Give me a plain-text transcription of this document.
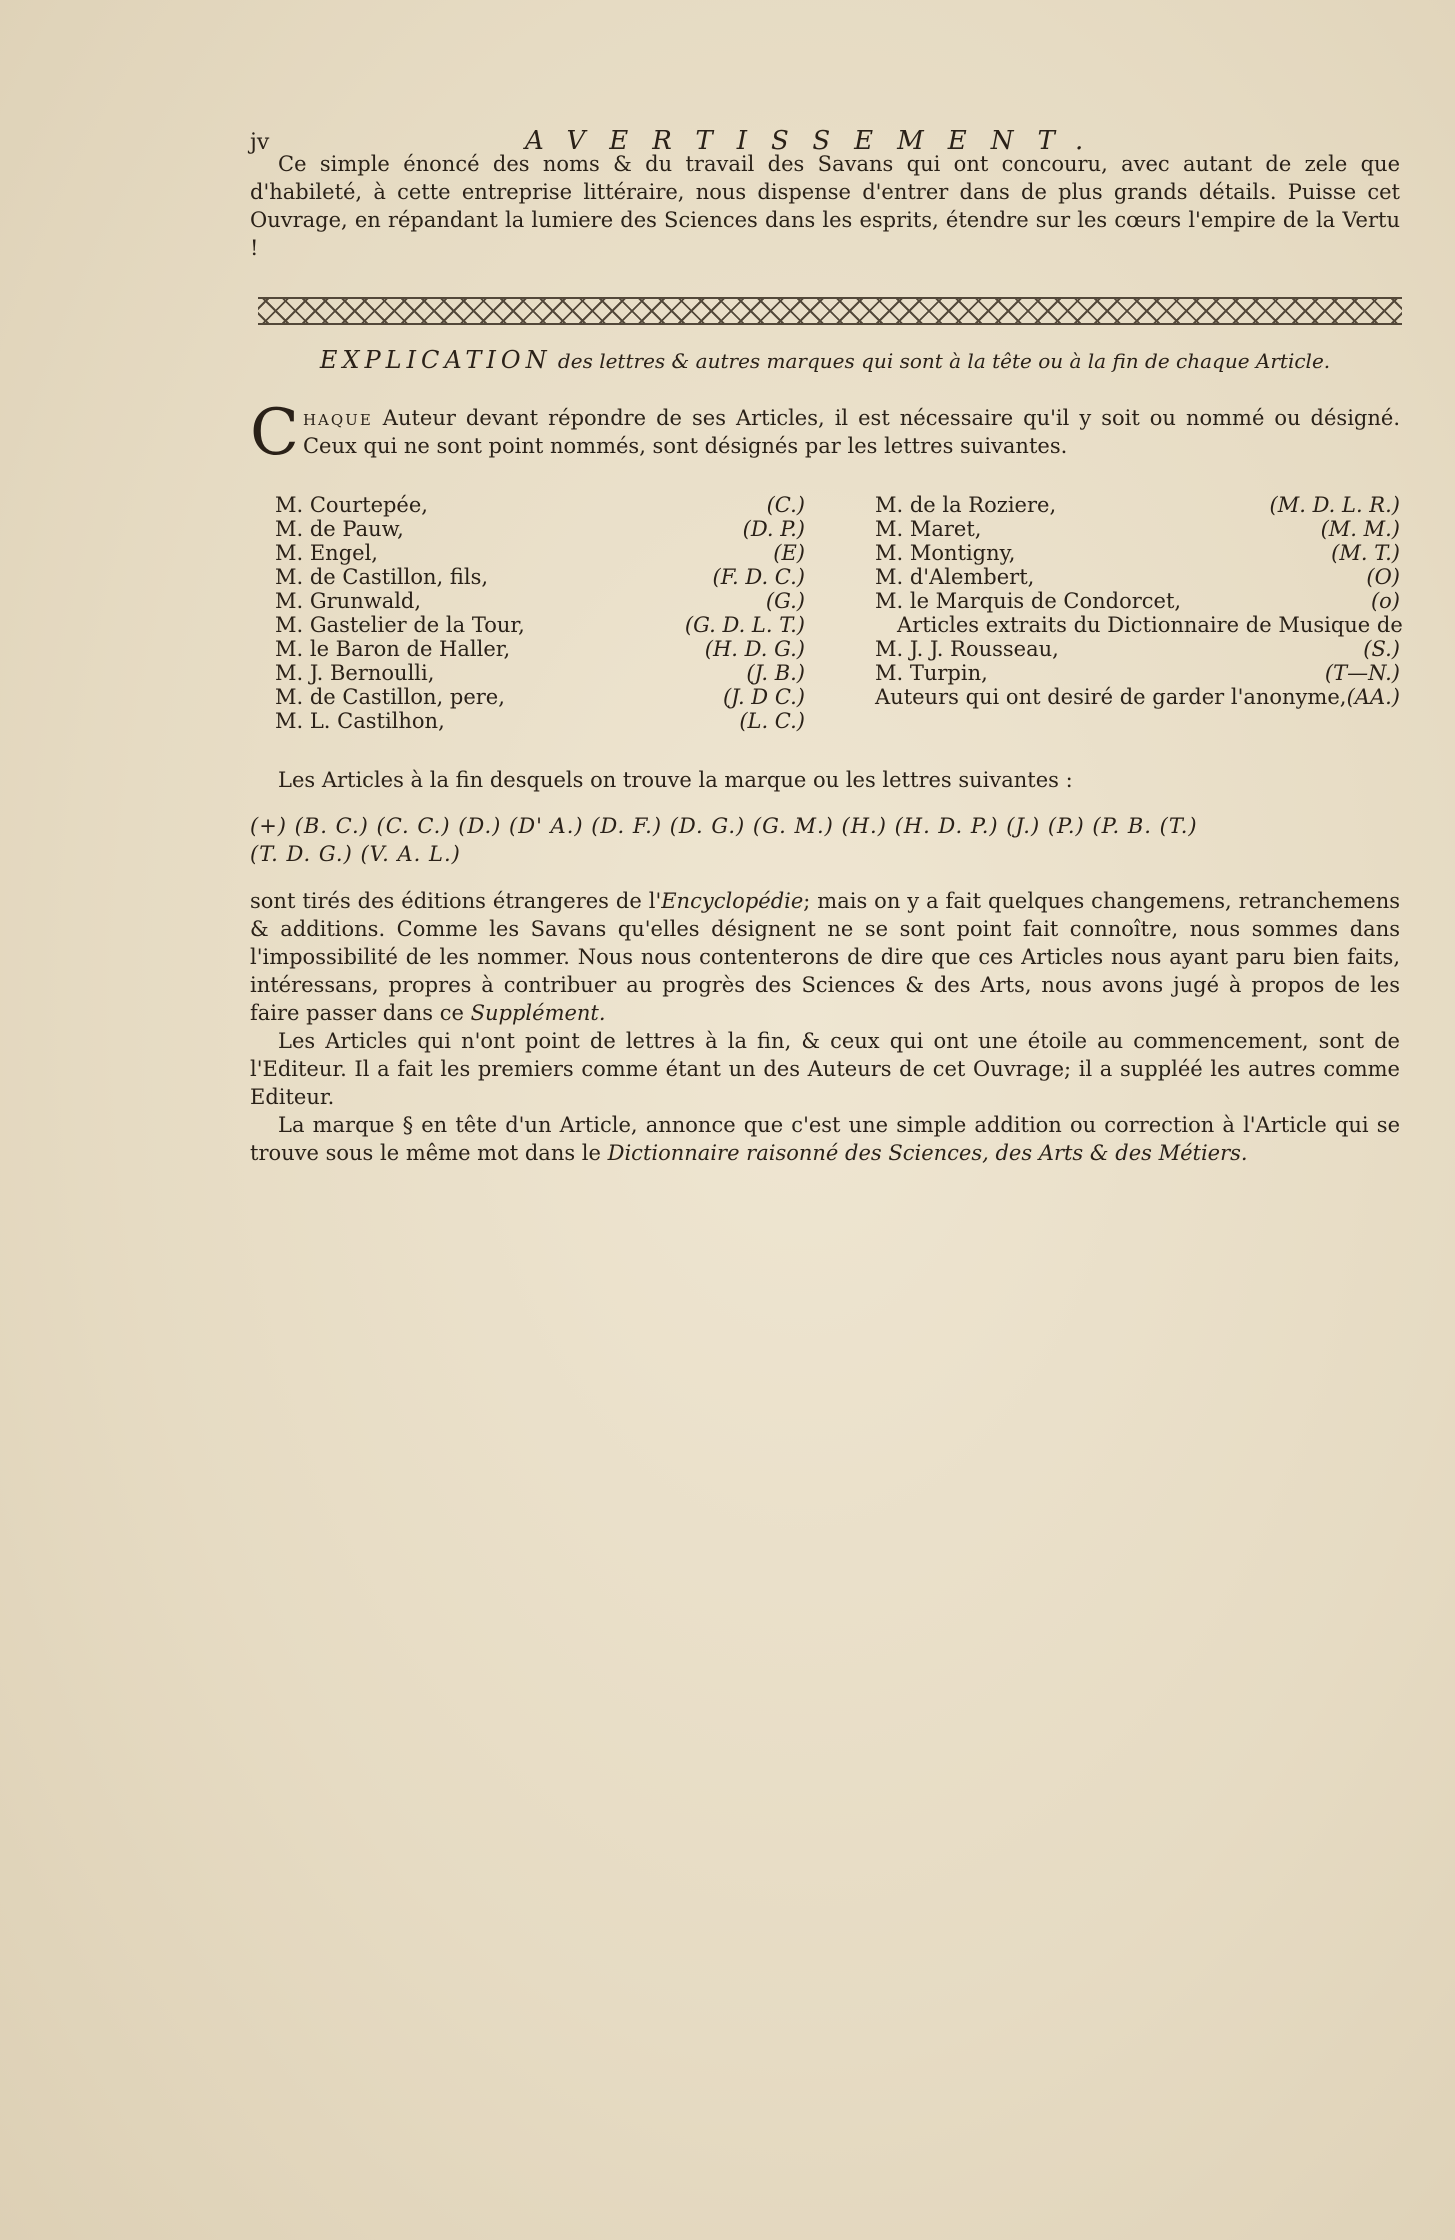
jv	AVERTISSEMENT.
Ce simple énoncé des noms & du travail des Savans qui ont concouru, avec autant de zele que d'habileté, à cette entreprise littéraire, nous dispense d'entrer dans de plus grands détails. Puisse cet Ouvrage, en répandant la lumiere des Sciences dans les esprits, étendre sur les cœurs l'empire de la Vertu !
EXPLICATION des lettres & autres marques qui sont à la tête ou à la fin de chaque Article.
Chaque Auteur devant répondre de ses Articles, il est nécessaire qu'il y soit ou nommé ou désigné. Ceux qui ne sont point nommés, sont désignés par les lettres suivantes.
M. Courtepée,	(C.)
M. de Pauw,	(D. P.)
M. Engel,	(E)
M. de Castillon, fils,	(F. D. C.)
M. Grunwald,	(G.)
M. Gastelier de la Tour,	(G. D. L. T.)
M. le Baron de Haller,	(H. D. G.)
M. J. Bernoulli,	(J. B.)
M. de Castillon, pere,	(J. D C.)
M. L. Castilhon,	(L. C.)
M. de la Roziere,	(M. D. L. R.)
M. Maret,	(M. M.)
M. Montigny,	(M. T.)
M. d'Alembert,	(O)
M. le Marquis de Condorcet,	(o)
Articles extraits du Dictionnaire de Musique de
M. J. J. Rousseau,	(S.)
M. Turpin,	(T—N.)
Auteurs qui ont desiré de garder l'anonyme, (AA.)
Les Articles à la fin desquels on trouve la marque ou les lettres suivantes :
(+) (B. C.) (C. C.) (D.) (D' A.) (D. F.) (D. G.) (G. M.) (H.) (H. D. P.) (J.) (P.) (P. B. (T.)
(T. D. G.) (V. A. L.)
sont tirés des éditions étrangeres de l'Encyclopédie; mais on y a fait quelques changemens, retranchemens & additions. Comme les Savans qu'elles désignent ne se sont point fait connoître, nous sommes dans l'impossibilité de les nommer. Nous nous contenterons de dire que ces Articles nous ayant paru bien faits, intéressans, propres à contribuer au progrès des Sciences & des Arts, nous avons jugé à propos de les faire passer dans ce Supplément.
Les Articles qui n'ont point de lettres à la fin, & ceux qui ont une étoile au commencement, sont de l'Editeur. Il a fait les premiers comme étant un des Auteurs de cet Ouvrage; il a suppléé les autres comme Editeur.
La marque § en tête d'un Article, annonce que c'est une simple addition ou correction à l'Article qui se trouve sous le même mot dans le Dictionnaire raisonné des Sciences, des Arts & des Métiers.
